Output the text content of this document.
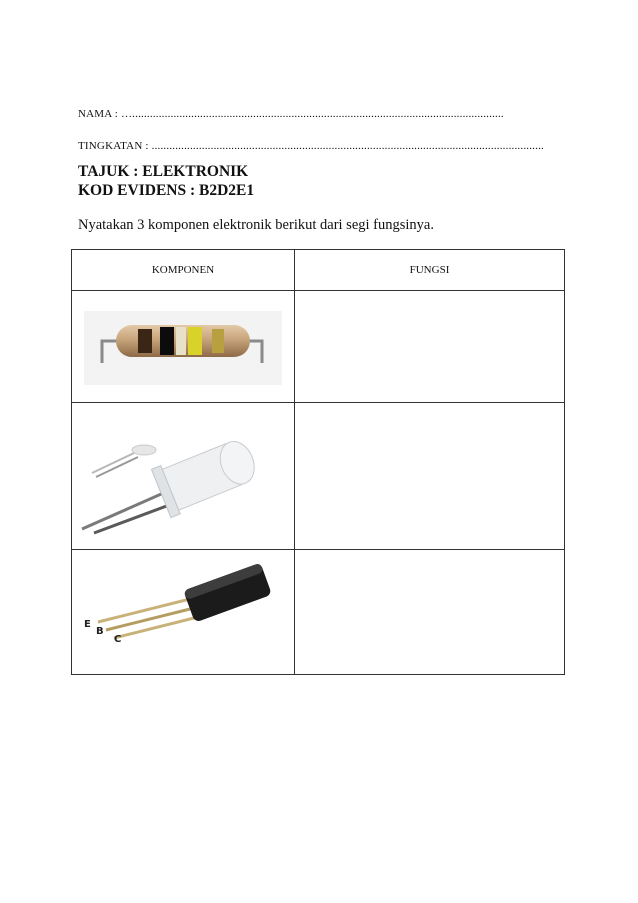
NAMA : …..............................................................................................................................
TINGKATAN : .....................................................................................................................................
TAJUK : ELEKTRONIK
KOD EVIDENS : B2D2E1
Nyatakan 3 komponen elektronik berikut dari segi fungsinya.
KOMPONEN	FUNGSI

E
B
C	
